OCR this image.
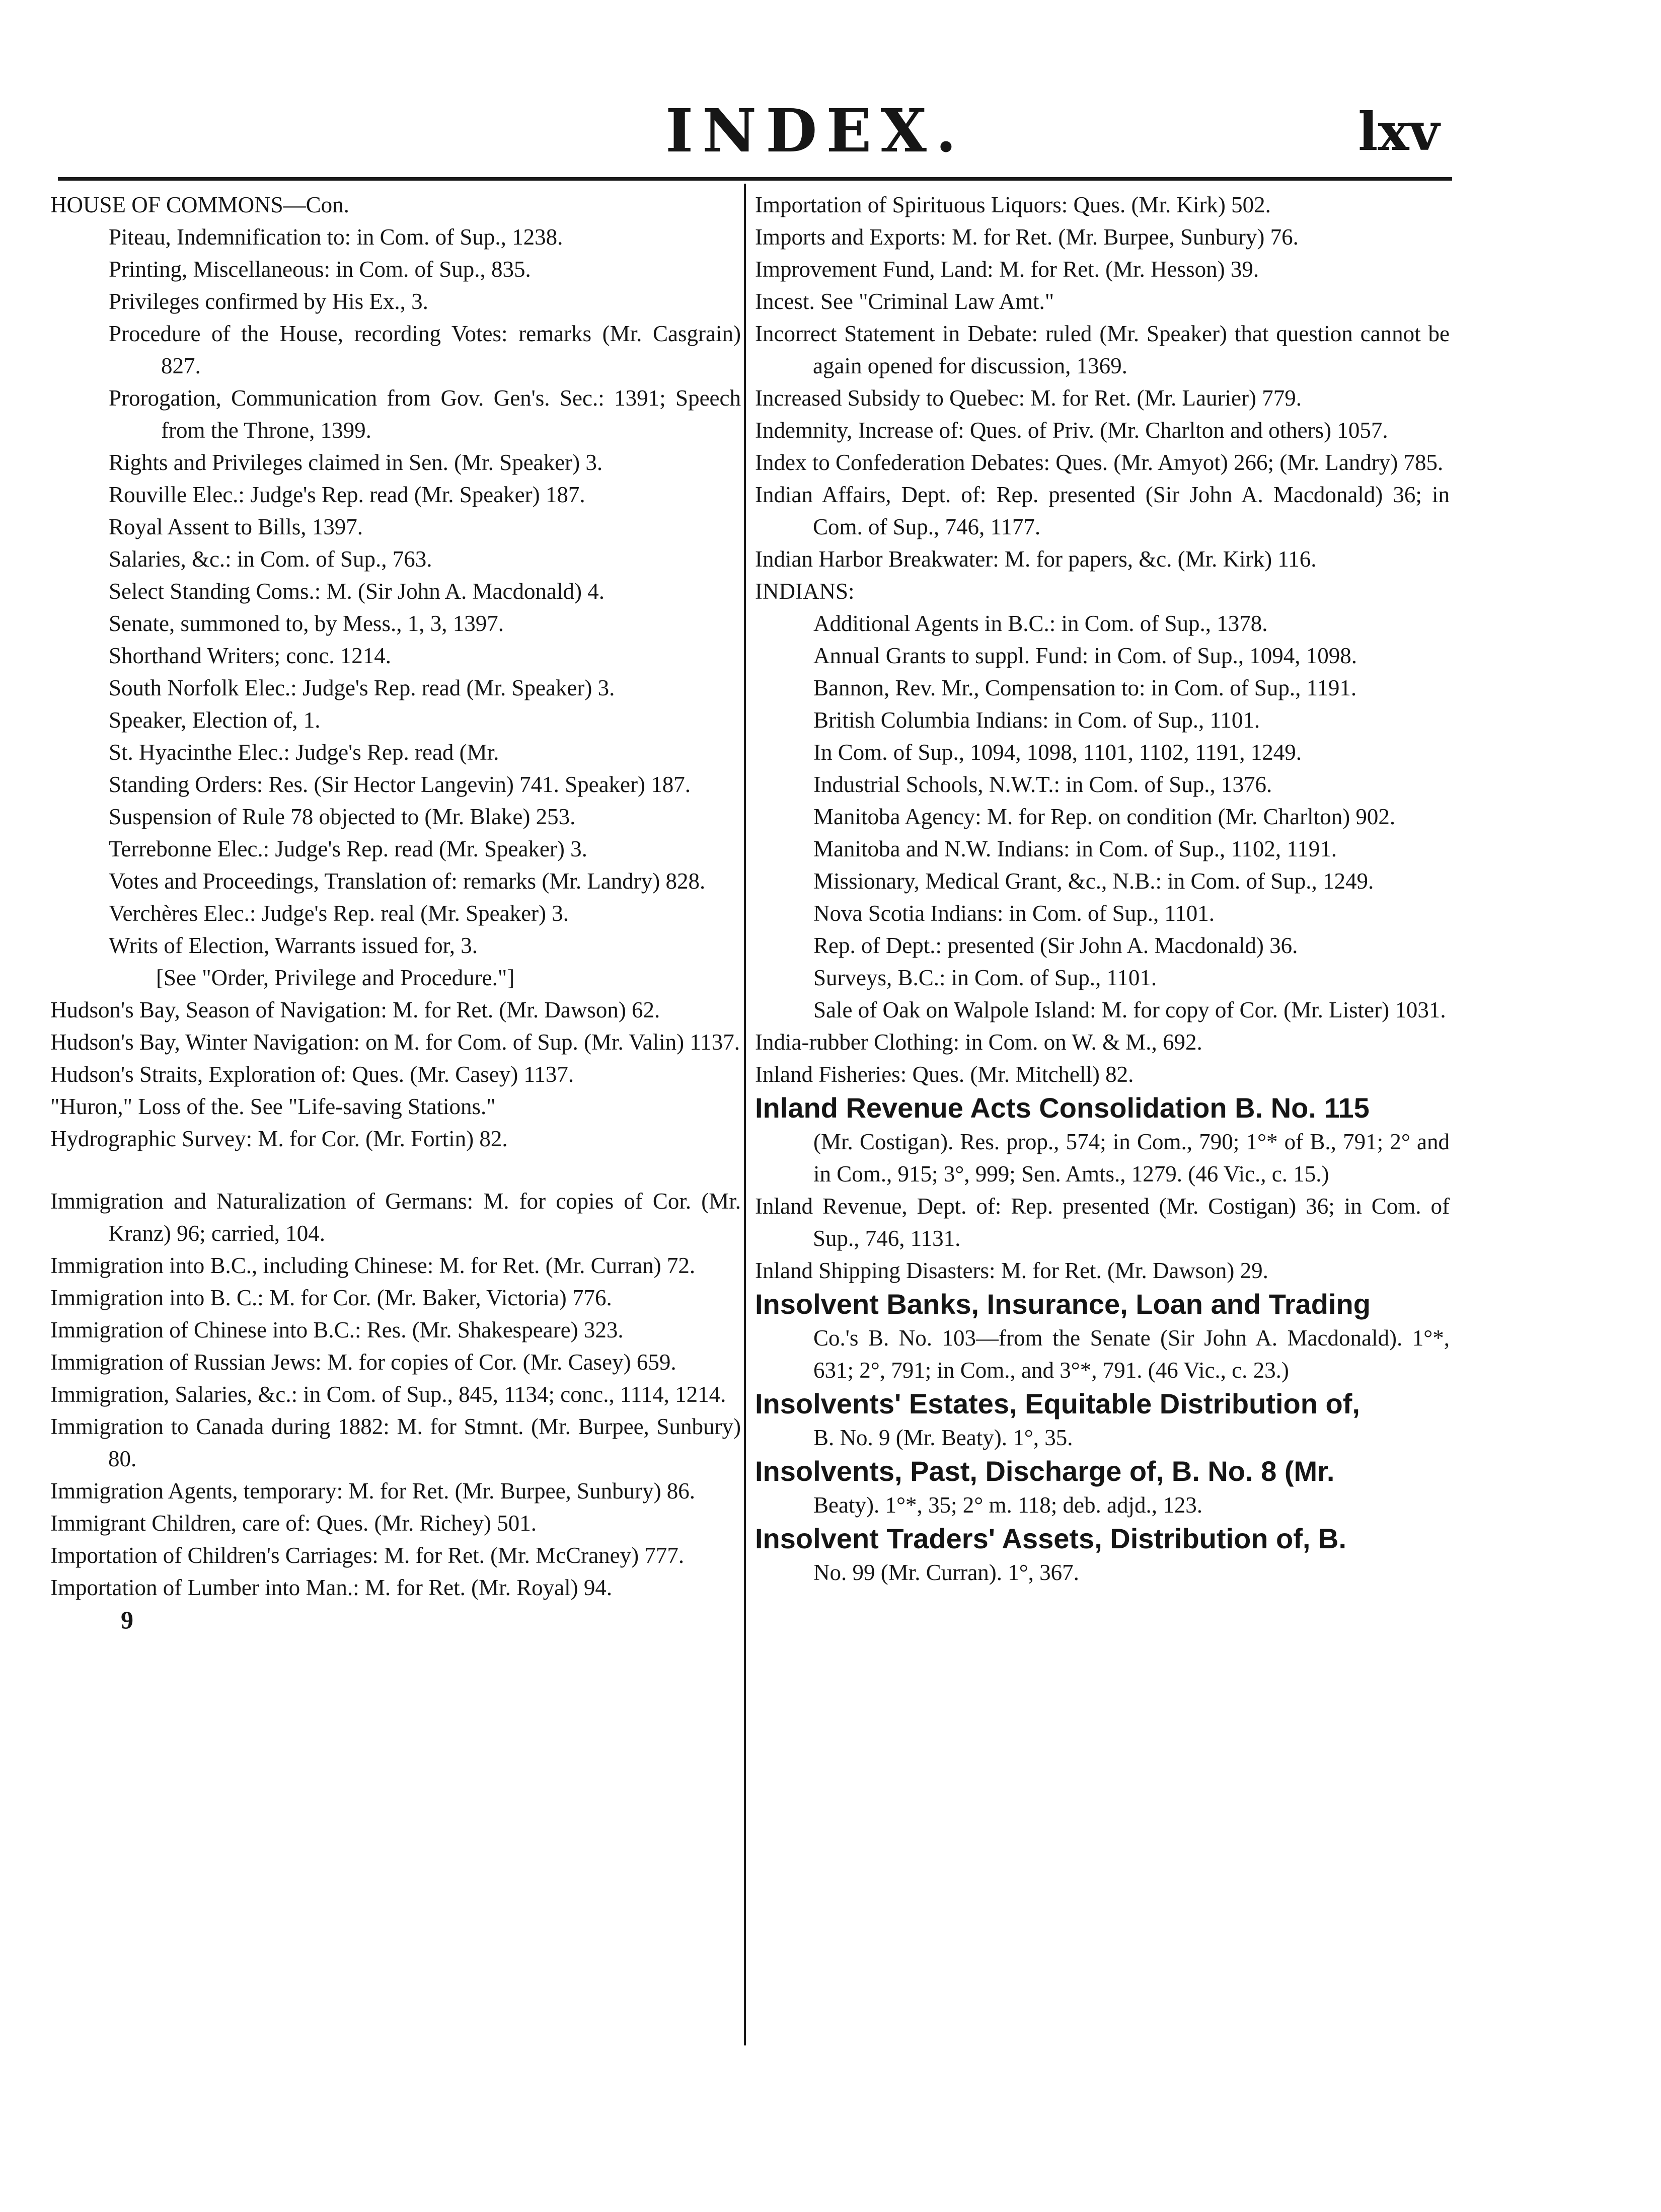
INDEX.	lxv

HOUSE OF COMMONS—Con.

Piteau, Indemnification to: in Com. of Sup., 1238.

Printing, Miscellaneous: in Com. of Sup., 835.

Privileges confirmed by His Ex., 3.

Procedure of the House, recording Votes: remarks (Mr. Casgrain) 827.

Prorogation, Communication from Gov. Gen's. Sec.: 1391; Speech from the Throne, 1399.

Rights and Privileges claimed in Sen. (Mr. Speaker) 3.

Rouville Elec.: Judge's Rep. read (Mr. Speaker) 187.

Royal Assent to Bills, 1397.

Salaries, &c.: in Com. of Sup., 763.

Select Standing Coms.: M. (Sir John A. Macdonald) 4.

Senate, summoned to, by Mess., 1, 3, 1397.

Shorthand Writers; conc. 1214.

South Norfolk Elec.: Judge's Rep. read (Mr. Speaker) 3.

Speaker, Election of, 1.

St. Hyacinthe Elec.: Judge's Rep. read (Mr.

Standing Orders: Res. (Sir Hector Langevin) 741. Speaker) 187.

Suspension of Rule 78 objected to (Mr. Blake) 253.

Terrebonne Elec.: Judge's Rep. read (Mr. Speaker) 3.

Votes and Proceedings, Translation of: remarks (Mr. Landry) 828.

Verchères Elec.: Judge's Rep. real (Mr. Speaker) 3.

Writs of Election, Warrants issued for, 3.

[See "Order, Privilege and Procedure."]

Hudson's Bay, Season of Navigation: M. for Ret. (Mr. Dawson) 62.

Hudson's Bay, Winter Navigation: on M. for Com. of Sup. (Mr. Valin) 1137.

Hudson's Straits, Exploration of: Ques. (Mr. Casey) 1137.

"Huron," Loss of the. See "Life-saving Stations."

Hydrographic Survey: M. for Cor. (Mr. Fortin) 82.

Immigration and Naturalization of Germans: M. for copies of Cor. (Mr. Kranz) 96; carried, 104.

Immigration into B.C., including Chinese: M. for Ret. (Mr. Curran) 72.

Immigration into B. C.: M. for Cor. (Mr. Baker, Victoria) 776.

Immigration of Chinese into B.C.: Res. (Mr. Shakespeare) 323.

Immigration of Russian Jews: M. for copies of Cor. (Mr. Casey) 659.

Immigration, Salaries, &c.: in Com. of Sup., 845, 1134; conc., 1114, 1214.

Immigration to Canada during 1882: M. for Stmnt. (Mr. Burpee, Sunbury) 80.

Immigration Agents, temporary: M. for Ret. (Mr. Burpee, Sunbury) 86.

Immigrant Children, care of: Ques. (Mr. Richey) 501.

Importation of Children's Carriages: M. for Ret. (Mr. McCraney) 777.

Importation of Lumber into Man.: M. for Ret. (Mr. Royal) 94.

9

Importation of Spirituous Liquors: Ques. (Mr. Kirk) 502.

Imports and Exports: M. for Ret. (Mr. Burpee, Sunbury) 76.

Improvement Fund, Land: M. for Ret. (Mr. Hesson) 39.

Incest. See "Criminal Law Amt."

Incorrect Statement in Debate: ruled (Mr. Speaker) that question cannot be again opened for discussion, 1369.

Increased Subsidy to Quebec: M. for Ret. (Mr. Laurier) 779.

Indemnity, Increase of: Ques. of Priv. (Mr. Charlton and others) 1057.

Index to Confederation Debates: Ques. (Mr. Amyot) 266; (Mr. Landry) 785.

Indian Affairs, Dept. of: Rep. presented (Sir John A. Macdonald) 36; in Com. of Sup., 746, 1177.

Indian Harbor Breakwater: M. for papers, &c. (Mr. Kirk) 116.

INDIANS:

Additional Agents in B.C.: in Com. of Sup., 1378.

Annual Grants to suppl. Fund: in Com. of Sup., 1094, 1098.

Bannon, Rev. Mr., Compensation to: in Com. of Sup., 1191.

British Columbia Indians: in Com. of Sup., 1101.

In Com. of Sup., 1094, 1098, 1101, 1102, 1191, 1249.

Industrial Schools, N.W.T.: in Com. of Sup., 1376.

Manitoba Agency: M. for Rep. on condition (Mr. Charlton) 902.

Manitoba and N.W. Indians: in Com. of Sup., 1102, 1191.

Missionary, Medical Grant, &c., N.B.: in Com. of Sup., 1249.

Nova Scotia Indians: in Com. of Sup., 1101.

Rep. of Dept.: presented (Sir John A. Macdonald) 36.

Surveys, B.C.: in Com. of Sup., 1101.

Sale of Oak on Walpole Island: M. for copy of Cor. (Mr. Lister) 1031.

India-rubber Clothing: in Com. on W. & M., 692.

Inland Fisheries: Ques. (Mr. Mitchell) 82.

Inland Revenue Acts Consolidation B. No. 115

(Mr. Costigan). Res. prop., 574; in Com., 790; 1°* of B., 791; 2° and in Com., 915; 3°, 999; Sen. Amts., 1279. (46 Vic., c. 15.)

Inland Revenue, Dept. of: Rep. presented (Mr. Costigan) 36; in Com. of Sup., 746, 1131.

Inland Shipping Disasters: M. for Ret. (Mr. Dawson) 29.

Insolvent Banks, Insurance, Loan and Trading

Co.'s B. No. 103—from the Senate (Sir John A. Macdonald). 1°*, 631; 2°, 791; in Com., and 3°*, 791. (46 Vic., c. 23.)

Insolvents' Estates, Equitable Distribution of,

B. No. 9 (Mr. Beaty). 1°, 35.

Insolvents, Past, Discharge of, B. No. 8 (Mr.

Beaty). 1°*, 35; 2° m. 118; deb. adjd., 123.

Insolvent Traders' Assets, Distribution of, B.

No. 99 (Mr. Curran). 1°, 367.
